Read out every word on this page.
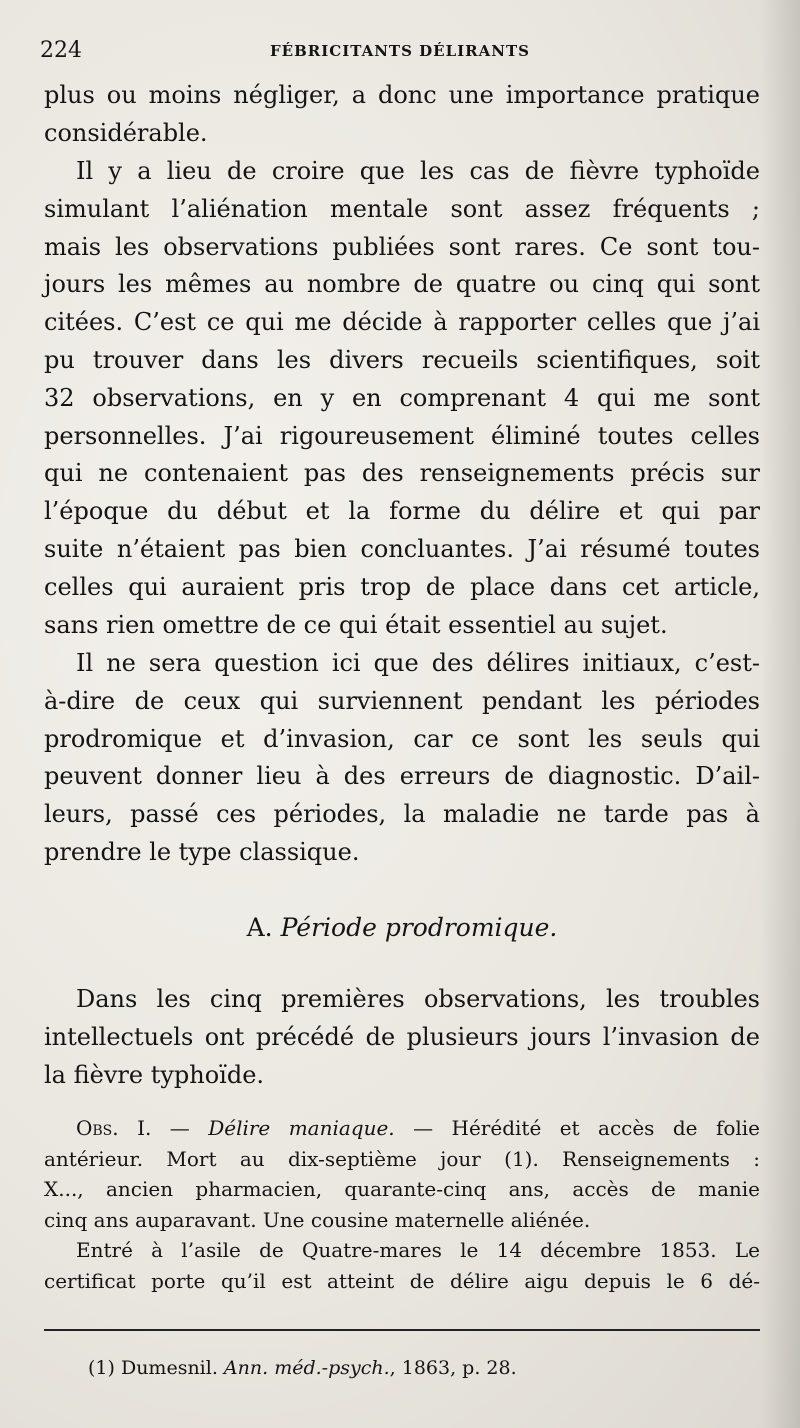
224	FÉBRICITANTS DÉLIRANTS
plus ou moins négliger, a donc une importance pratique
considérable.
Il y a lieu de croire que les cas de fièvre typhoïde
simulant l’aliénation mentale sont assez fréquents ;
mais les observations publiées sont rares. Ce sont tou-
jours les mêmes au nombre de quatre ou cinq qui sont
citées. C’est ce qui me décide à rapporter celles que j’ai
pu trouver dans les divers recueils scientifiques, soit
32 observations, en y en comprenant 4 qui me sont
personnelles. J’ai rigoureusement éliminé toutes celles
qui ne contenaient pas des renseignements précis sur
l’époque du début et la forme du délire et qui par
suite n’étaient pas bien concluantes. J’ai résumé toutes
celles qui auraient pris trop de place dans cet article,
sans rien omettre de ce qui était essentiel au sujet.
Il ne sera question ici que des délires initiaux, c’est-
à-dire de ceux qui surviennent pendant les périodes
prodromique et d’invasion, car ce sont les seuls qui
peuvent donner lieu à des erreurs de diagnostic. D’ail-
leurs, passé ces périodes, la maladie ne tarde pas à
prendre le type classique.
A. Période prodromique.
Dans les cinq premières observations, les troubles
intellectuels ont précédé de plusieurs jours l’invasion de
la fièvre typhoïde.
Obs. I. — Délire maniaque. — Hérédité et accès de folie
antérieur. Mort au dix-septième jour (1). Renseignements :
X..., ancien pharmacien, quarante-cinq ans, accès de manie
cinq ans auparavant. Une cousine maternelle aliénée.
Entré à l’asile de Quatre-mares le 14 décembre 1853. Le
certificat porte qu’il est atteint de délire aigu depuis le 6 dé-
(1) Dumesnil. Ann. méd.-psych., 1863, p. 28.
